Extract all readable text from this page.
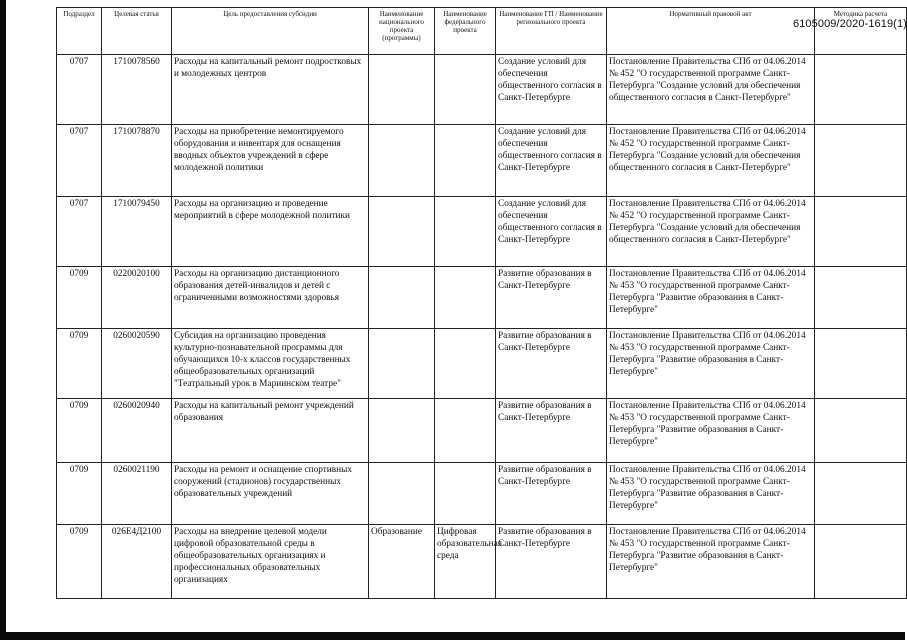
Подраздел	Целевая статья	Цель предоставления субсидии	Наименование национального проекта (программы)	Наименование федерального проекта	Наименование ГП / Наименование регионального проекта	Нормативный правовой акт	Методика расчета
0707	1710078560	Расходы на капитальный ремонт подростковых и молодежных центров			Создание условий для обеспечения общественного согласия в Санкт-Петербурге	Постановление Правительства СПб от 04.06.2014 № 452 "О государственной программе Санкт-Петербурга "Создание условий для обеспечения общественного согласия в Санкт-Петербурге"	
0707	1710078870	Расходы на приобретение немонтируемого оборудования и инвентаря для оснащения вводных объектов учреждений в сфере молодежной политики			Создание условий для обеспечения общественного согласия в Санкт-Петербурге	Постановление Правительства СПб от 04.06.2014 № 452 "О государственной программе Санкт-Петербурга "Создание условий для обеспечения общественного согласия в Санкт-Петербурге"	
0707	1710079450	Расходы на организацию и проведение мероприятий в сфере молодежной политики			Создание условий для обеспечения общественного согласия в Санкт-Петербурге	Постановление Правительства СПб от 04.06.2014 № 452 "О государственной программе Санкт-Петербурга "Создание условий для обеспечения общественного согласия в Санкт-Петербурге"	
0709	0220020100	Расходы на организацию дистанционного образования детей-инвалидов и детей с ограниченными возможностями здоровья			Развитие образования в Санкт-Петербурге	Постановление Правительства СПб от 04.06.2014 № 453 "О государственной программе Санкт-Петербурга "Развитие образования в Санкт-Петербурге"	
0709	0260020590	Субсидия на организацию проведения культурно-познавательной программы для обучающихся 10-х классов государственных общеобразовательных организаций "Театральный урок в Мариинском театре"			Развитие образования в Санкт-Петербурге	Постановление Правительства СПб от 04.06.2014 № 453 "О государственной программе Санкт-Петербурга "Развитие образования в Санкт-Петербурге"	
0709	0260020940	Расходы на капитальный ремонт учреждений образования			Развитие образования в Санкт-Петербурге	Постановление Правительства СПб от 04.06.2014 № 453 "О государственной программе Санкт-Петербурга "Развитие образования в Санкт-Петербурге"	
0709	0260021190	Расходы на ремонт и оснащение спортивных сооружений (стадионов) государственных образовательных учреждений			Развитие образования в Санкт-Петербурге	Постановление Правительства СПб от 04.06.2014 № 453 "О государственной программе Санкт-Петербурга "Развитие образования в Санкт-Петербурге"	
0709	026Е4Д2100	Расходы на внедрение целевой модели цифровой образовательной среды в общеобразовательных организациях и профессиональных образовательных организациях	Образование	Цифровая образовательная среда	Развитие образования в Санкт-Петербурге	Постановление Правительства СПб от 04.06.2014 № 453 "О государственной программе Санкт-Петербурга "Развитие образования в Санкт-Петербурге"	
6105009/2020-1619(1)
